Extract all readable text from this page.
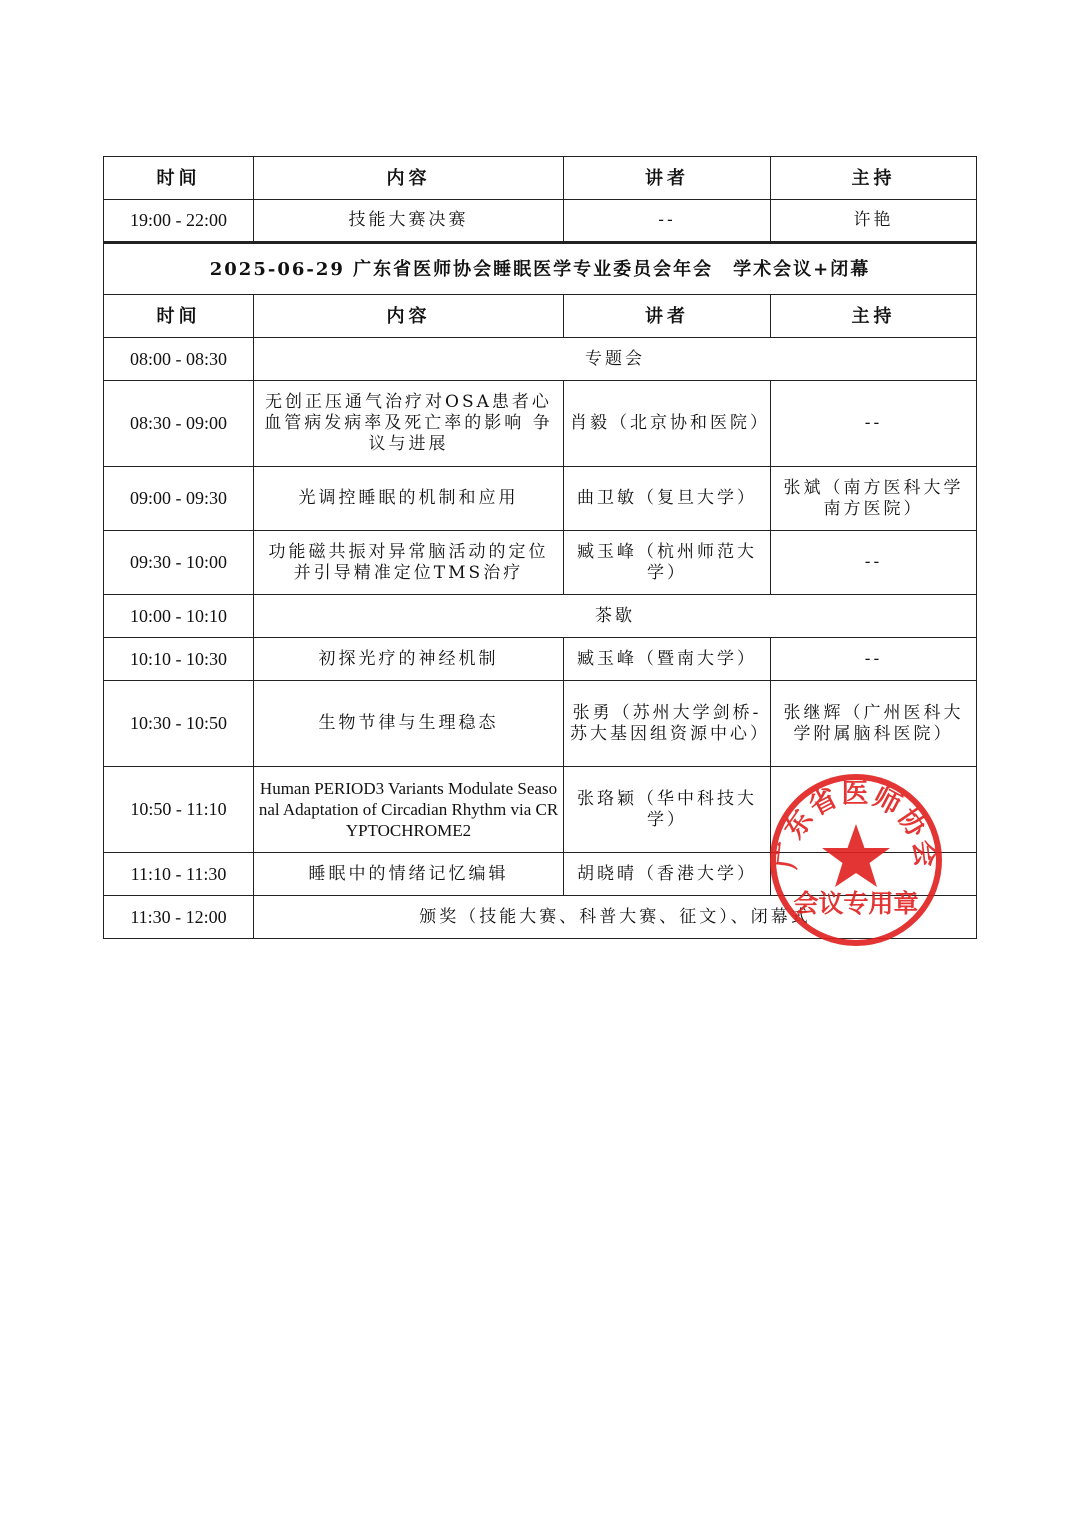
时间	内容	讲者	主持
19:00 - 22:00	技能大赛决赛	--	许艳
2025-06-29 广东省医师协会睡眠医学专业委员会年会　学术会议+闭幕			
时间	内容	讲者	主持
08:00 - 08:30	专题会		
08:30 - 09:00	无创正压通气治疗对OSA患者心血管病发病率及死亡率的影响 争议与进展	肖毅（北京协和医院）	--
09:00 - 09:30	光调控睡眠的机制和应用	曲卫敏（复旦大学）	张斌（南方医科大学南方医院）
09:30 - 10:00	功能磁共振对异常脑活动的定位并引导精准定位TMS治疗	臧玉峰（杭州师范大学）	--
10:00 - 10:10	茶歇		
10:10 - 10:30	初探光疗的神经机制	臧玉峰（暨南大学）	--
10:30 - 10:50	生物节律与生理稳态	张勇（苏州大学剑桥-苏大基因组资源中心）	张继辉（广州医科大学附属脑科医院）
10:50 - 11:10	Human PERIOD3 Variants Modulate Seasonal Adaptation of Circadian Rhythm via CRYPTOCHROME2	张珞颖（华中科技大学）	
11:10 - 11:30	睡眠中的情绪记忆编辑	胡晓晴（香港大学）	
11:30 - 12:00	颁奖（技能大赛、科普大赛、征文）、闭幕式		
广东省医师协会
会议专用章
